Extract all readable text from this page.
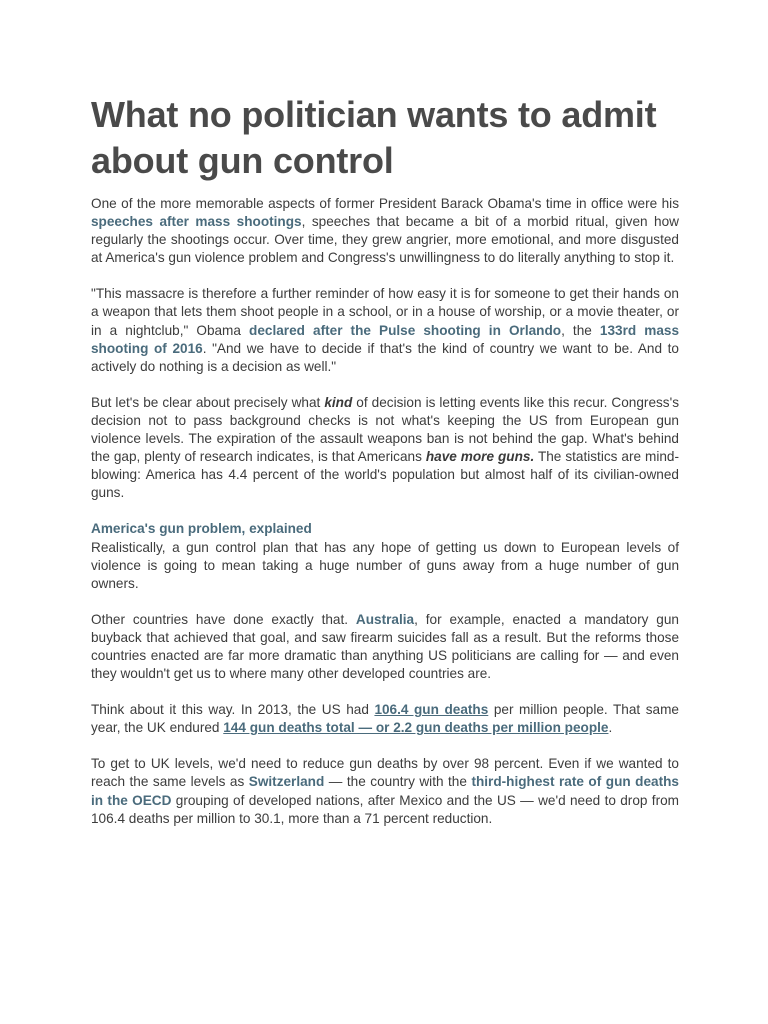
What no politician wants to admit about gun control

One of the more memorable aspects of former President Barack Obama's time in office were his speeches after mass shootings, speeches that became a bit of a morbid ritual, given how regularly the shootings occur. Over time, they grew angrier, more emotional, and more disgusted at America's gun violence problem and Congress's unwillingness to do literally anything to stop it.

"This massacre is therefore a further reminder of how easy it is for someone to get their hands on a weapon that lets them shoot people in a school, or in a house of worship, or a movie theater, or in a nightclub," Obama declared after the Pulse shooting in Orlando, the 133rd mass shooting of 2016. "And we have to decide if that's the kind of country we want to be. And to actively do nothing is a decision as well."

But let's be clear about precisely what kind of decision is letting events like this recur. Congress's decision not to pass background checks is not what's keeping the US from European gun violence levels. The expiration of the assault weapons ban is not behind the gap. What's behind the gap, plenty of research indicates, is that Americans have more guns. The statistics are mind-blowing: America has 4.4 percent of the world's population but almost half of its civilian-owned guns.

America's gun problem, explained

Realistically, a gun control plan that has any hope of getting us down to European levels of violence is going to mean taking a huge number of guns away from a huge number of gun owners.

Other countries have done exactly that. Australia, for example, enacted a mandatory gun buyback that achieved that goal, and saw firearm suicides fall as a result. But the reforms those countries enacted are far more dramatic than anything US politicians are calling for — and even they wouldn't get us to where many other developed countries are.

Think about it this way. In 2013, the US had 106.4 gun deaths per million people. That same year, the UK endured 144 gun deaths total — or 2.2 gun deaths per million people.

To get to UK levels, we'd need to reduce gun deaths by over 98 percent. Even if we wanted to reach the same levels as Switzerland — the country with the third-highest rate of gun deaths in the OECD grouping of developed nations, after Mexico and the US — we'd need to drop from 106.4 deaths per million to 30.1, more than a 71 percent reduction.
